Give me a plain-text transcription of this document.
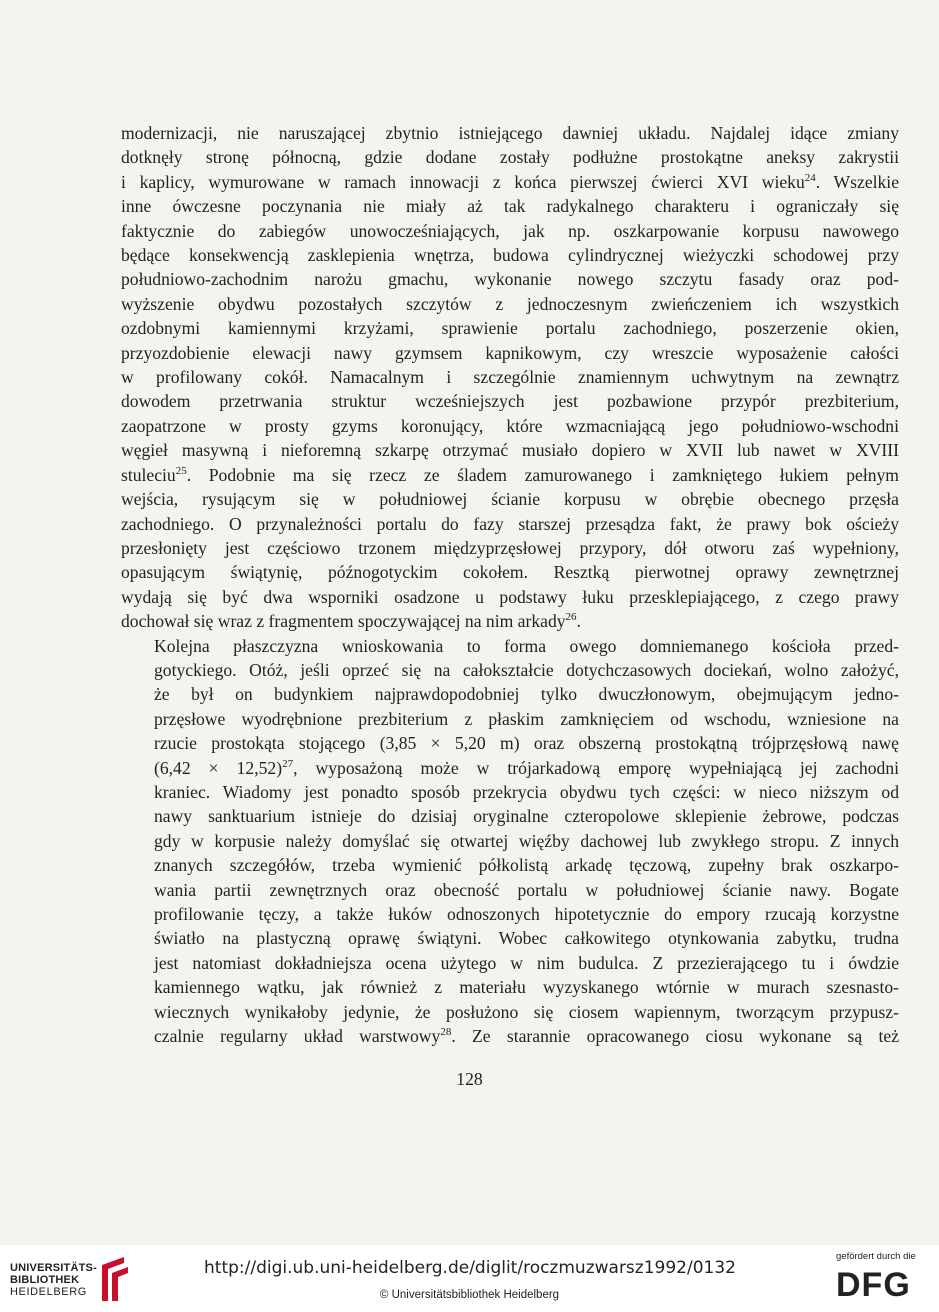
modernizacji, nie naruszającej zbytnio istniejącego dawniej układu. Najdalej idące zmiany
dotknęły stronę północną, gdzie dodane zostały podłużne prostokątne aneksy zakrystii
i kaplicy, wymurowane w ramach innowacji z końca pierwszej ćwierci XVI wieku$^{24}$. Wszelkie
inne ówczesne poczynania nie miały aż tak radykalnego charakteru i ograniczały się
faktycznie do zabiegów unowocześniających, jak np. oszkarpowanie korpusu nawowego
będące konsekwencją zasklepienia wnętrza, budowa cylindrycznej wieżyczki schodowej przy
południowo-zachodnim narożu gmachu, wykonanie nowego szczytu fasady oraz pod-
wyższenie obydwu pozostałych szczytów z jednoczesnym zwieńczeniem ich wszystkich
ozdobnymi kamiennymi krzyżami, sprawienie portalu zachodniego, poszerzenie okien,
przyozdobienie elewacji nawy gzymsem kapnikowym, czy wreszcie wyposażenie całości
w profilowany cokół. Namacalnym i szczególnie znamiennym uchwytnym na zewnątrz
dowodem przetrwania struktur wcześniejszych jest pozbawione przypór prezbiterium,
zaopatrzone w prosty gzyms koronujący, które wzmacniającą jego południowo-wschodni
węgieł masywną i nieforemną szkarpę otrzymać musiało dopiero w XVII lub nawet w XVIII
stuleciu$^{25}$. Podobnie ma się rzecz ze śladem zamurowanego i zamkniętego łukiem pełnym
wejścia, rysującym się w południowej ścianie korpusu w obrębie obecnego przęsła
zachodniego. O przynależności portalu do fazy starszej przesądza fakt, że prawy bok ościeży
przesłonięty jest częściowo trzonem międzyprzęsłowej przypory, dół otworu zaś wypełniony,
opasującym świątynię, późnogotyckim cokołem. Resztką pierwotnej oprawy zewnętrznej
wydają się być dwa wsporniki osadzone u podstawy łuku przesklepiającego, z czego prawy
dochował się wraz z fragmentem spoczywającej na nim arkady$^{26}$.

Kolejna płaszczyzna wnioskowania to forma owego domniemanego kościoła przed-
gotyckiego. Otóż, jeśli oprzeć się na całokształcie dotychczasowych dociekań, wolno założyć,
że był on budynkiem najprawdopodobniej tylko dwuczłonowym, obejmującym jedno-
przęsłowe wyodrębnione prezbiterium z płaskim zamknięciem od wschodu, wzniesione na
rzucie prostokąta stojącego (3,85 × 5,20 m) oraz obszerną prostokątną trójprzęsłową nawę
$(6,42 \times 12,52)^{27}$, wyposażoną może w trójarkadową emporę wypełniającą jej zachodni
kraniec. Wiadomy jest ponadto sposób przekrycia obydwu tych części: w nieco niższym od
nawy sanktuarium istnieje do dzisiaj oryginalne czteropolowe sklepienie żebrowe, podczas
gdy w korpusie należy domyślać się otwartej więźby dachowej lub zwykłego stropu. Z innych
znanych szczegółów, trzeba wymienić półkolistą arkadę tęczową, zupełny brak oszkarpo-
wania partii zewnętrznych oraz obecność portalu w południowej ścianie nawy. Bogate
profilowanie tęczy, a także łuków odnoszonych hipotetycznie do empory rzucają korzystne
światło na plastyczną oprawę świątyni. Wobec całkowitego otynkowania zabytku, trudna
jest natomiast dokładniejsza ocena użytego w nim budulca. Z przezierającego tu i ówdzie
kamiennego wątku, jak również z materiału wyzyskanego wtórnie w murach szesnasto-
wiecznych wynikałoby jedynie, że posłużono się ciosem wapiennym, tworzącym przypusz-
czalnie regularny układ warstwowy$^{28}$. Ze starannie opracowanego ciosu wykonane są też

128
UNIVERSITÄTS-
BIBLIOTHEK
HEIDELBERG
http://digi.ub.uni-heidelberg.de/diglit/roczmuzwarsz1992/0132
© Universitätsbibliothek Heidelberg
gefördert durch die
DFG
